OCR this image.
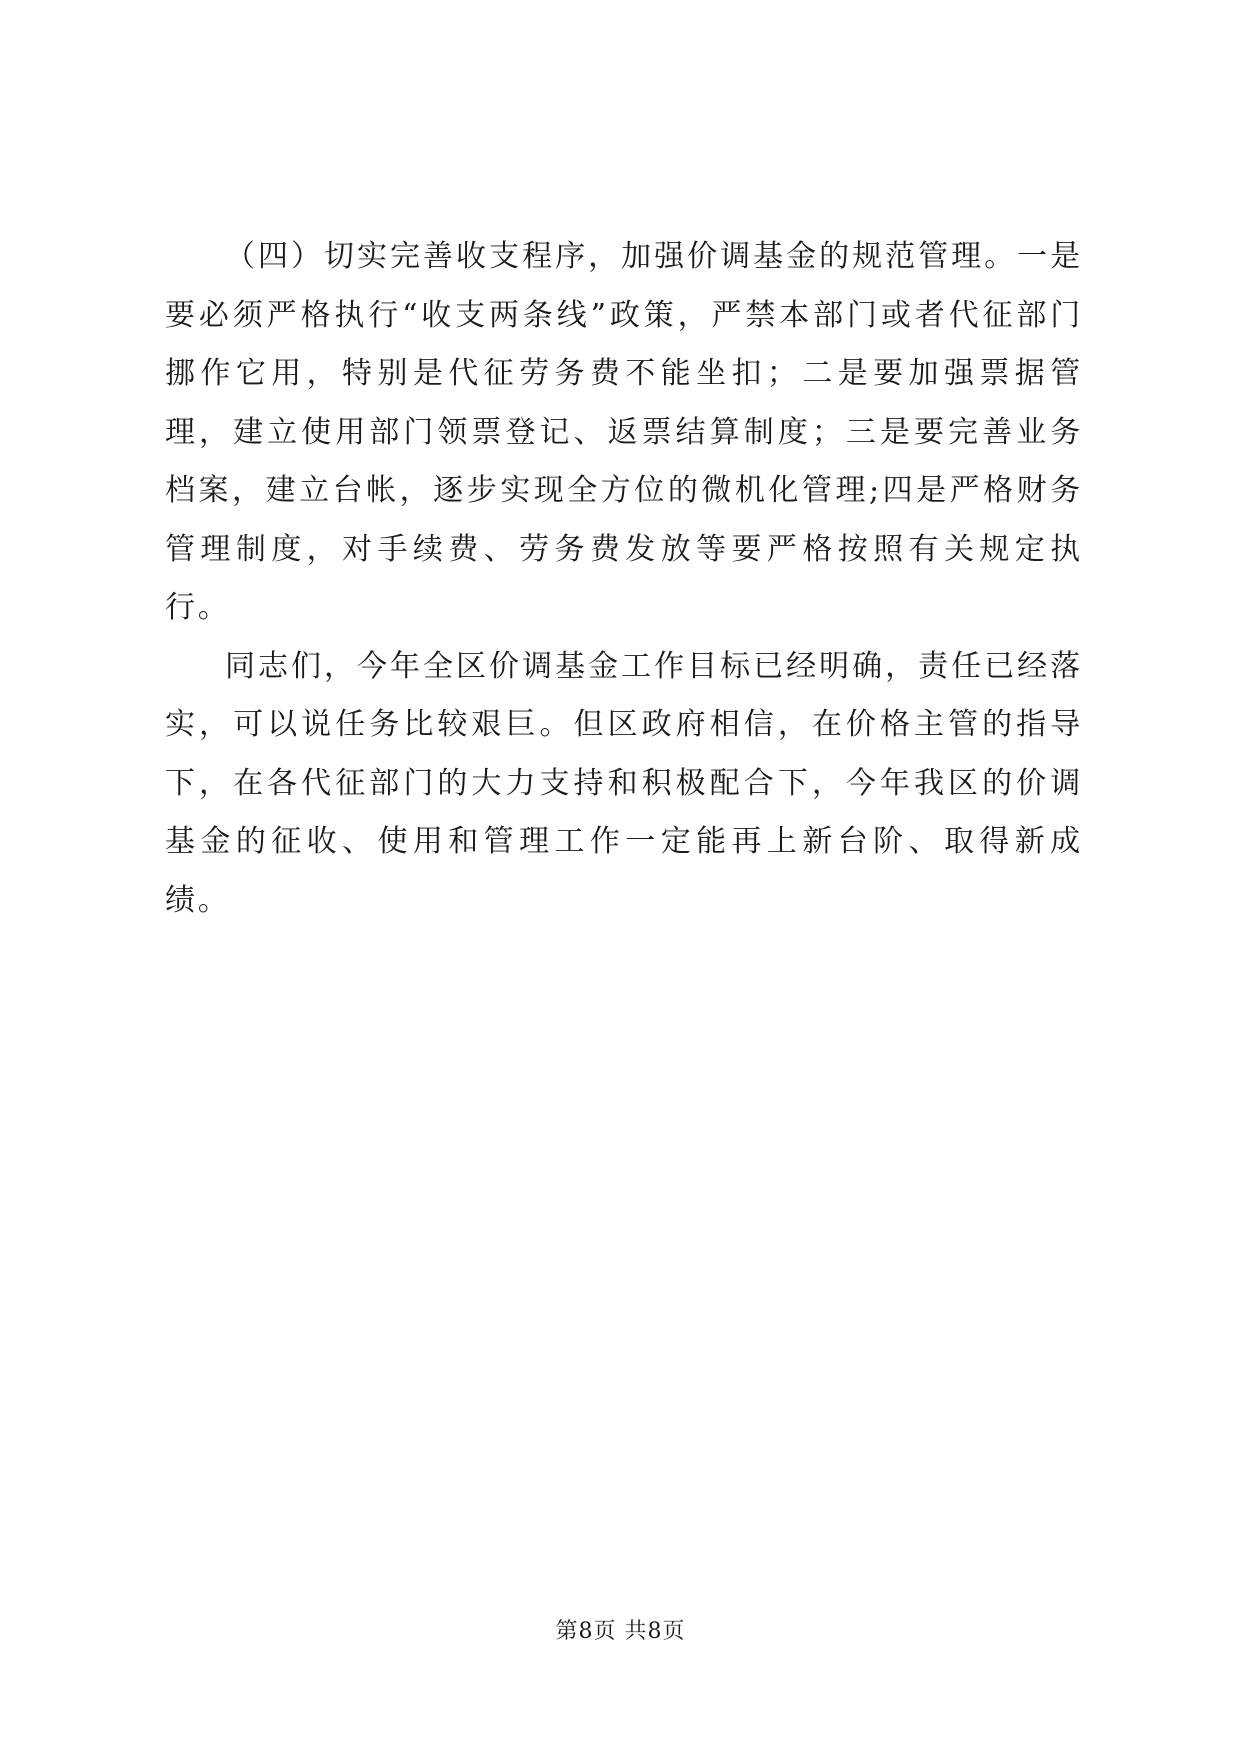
（四）切实完善收支程序，加强价调基金的规范管理。一是要必须严格执行“收支两条线”政策，严禁本部门或者代征部门挪作它用，特别是代征劳务费不能坐扣；二是要加强票据管理，建立使用部门领票登记、返票结算制度；三是要完善业务档案，建立台帐，逐步实现全方位的微机化管理;四是严格财务管理制度，对手续费、劳务费发放等要严格按照有关规定执行。

同志们，今年全区价调基金工作目标已经明确，责任已经落实，可以说任务比较艰巨。但区政府相信，在价格主管的指导下，在各代征部门的大力支持和积极配合下，今年我区的价调基金的征收、使用和管理工作一定能再上新台阶、取得新成绩。

第8页 共8页
